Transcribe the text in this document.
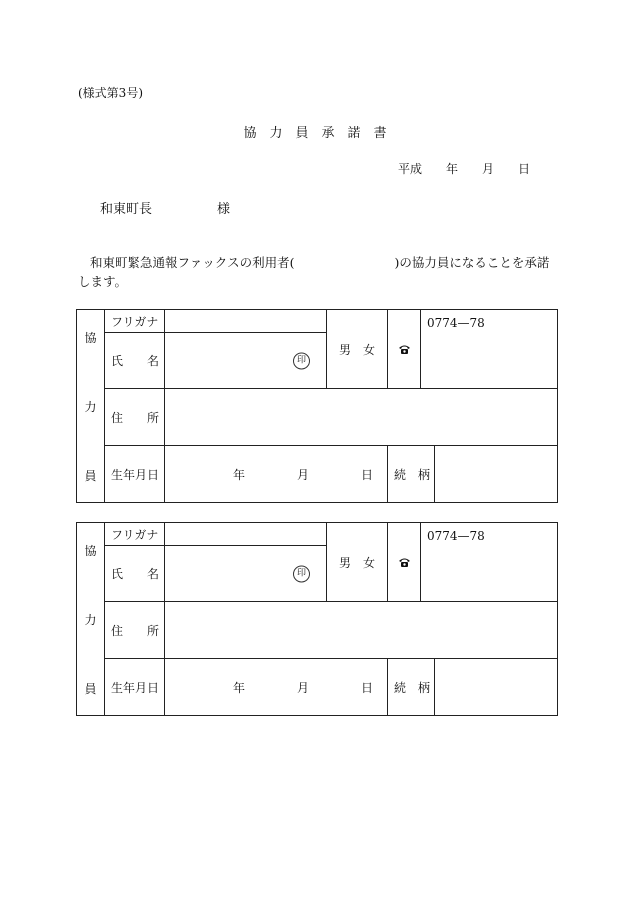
(様式第3号)
協　力　員　承　諾　書
平成　　年　　月　　日
和東町長　　　　　様
和東町緊急通報ファックスの利用者(　　　　　　　　)の協力員になることを承諾します。
協
力
員	フリガナ		男　女		0774—78	
	氏　　名	印				

	住　　所					
	生年月日	年 月 日		続　柄		
協
力
員	フリガナ		男　女		0774—78	
	氏　　名	印				

	住　　所					
	生年月日	年 月 日		続　柄		
